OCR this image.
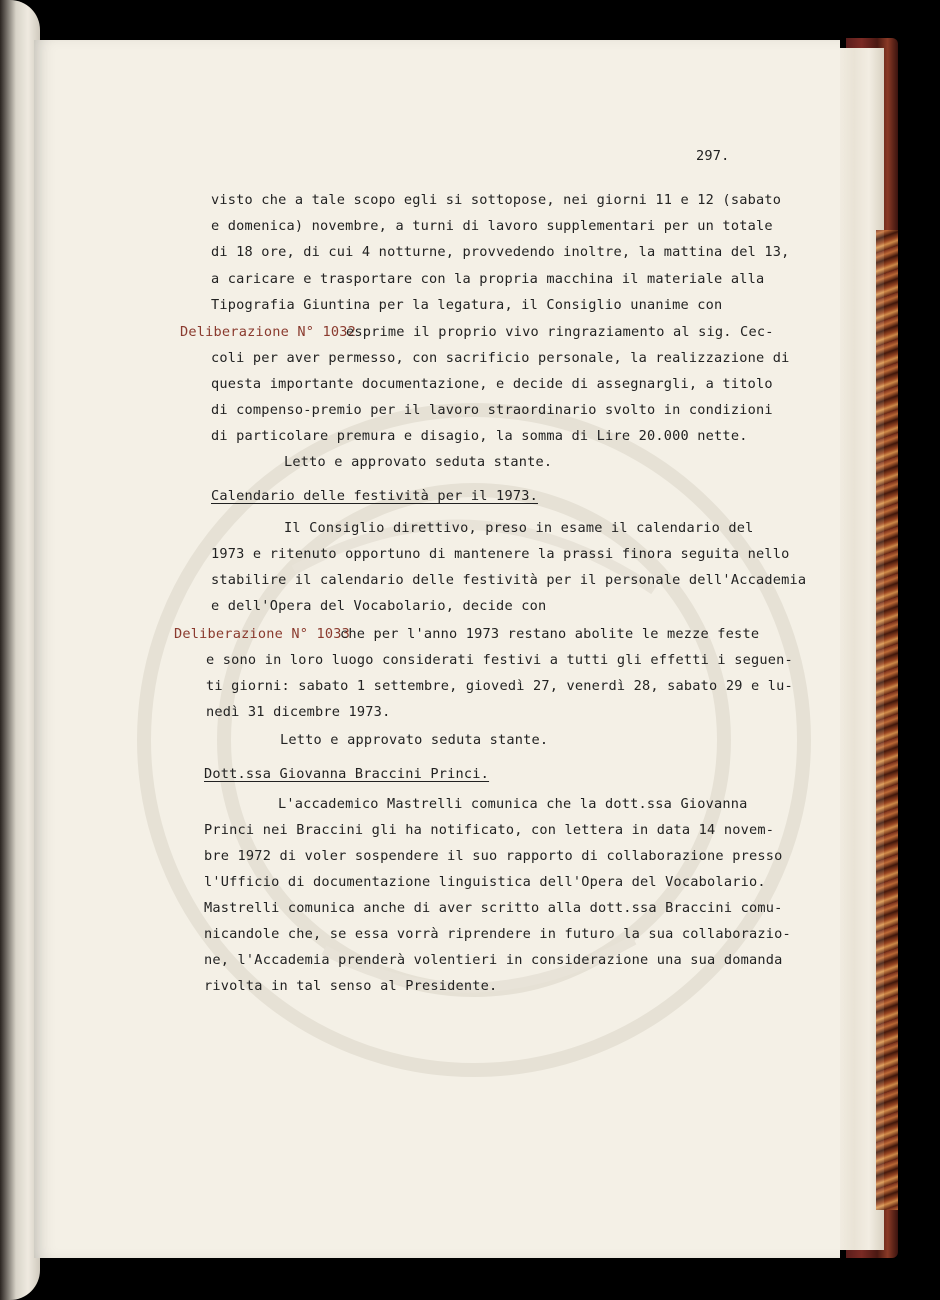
297.
visto che a tale scopo egli si sottopose, nei giorni 11 e 12 (sabato
e domenica) novembre, a turni di lavoro supplementari per un totale
di 18 ore, di cui 4 notturne, provvedendo inoltre, la mattina del 13,
a caricare e trasportare con la propria macchina il materiale alla
Tipografia Giuntina per la legatura, il Consiglio unanime con
Deliberazione N° 1032
esprime il proprio vivo ringraziamento al sig. Cec-
coli per aver permesso, con sacrificio personale, la realizzazione di
questa importante documentazione, e decide di assegnargli, a titolo
di compenso-premio per il lavoro straordinario svolto in condizioni
di particolare premura e disagio, la somma di Lire 20.000 nette.
Letto e approvato seduta stante.
Calendario delle festività per il 1973.
Il Consiglio direttivo, preso in esame il calendario del
1973 e ritenuto opportuno di mantenere la prassi finora seguita nello
stabilire il calendario delle festività per il personale dell'Accademia
e dell'Opera del Vocabolario, decide con
Deliberazione N° 1033
che per l'anno 1973 restano abolite le mezze feste
e sono in loro luogo considerati festivi a tutti gli effetti i seguen-
ti giorni: sabato 1 settembre, giovedì 27, venerdì 28, sabato 29 e lu-
nedì 31 dicembre 1973.
Letto e approvato seduta stante.
Dott.ssa Giovanna Braccini Princi.
L'accademico Mastrelli comunica che la dott.ssa Giovanna
Princi nei Braccini gli ha notificato, con lettera in data 14 novem-
bre 1972 di voler sospendere il suo rapporto di collaborazione presso
l'Ufficio di documentazione linguistica dell'Opera del Vocabolario.
Mastrelli comunica anche di aver scritto alla dott.ssa Braccini comu-
nicandole che, se essa vorrà riprendere in futuro la sua collaborazio-
ne, l'Accademia prenderà volentieri in considerazione una sua domanda
rivolta in tal senso al Presidente.
